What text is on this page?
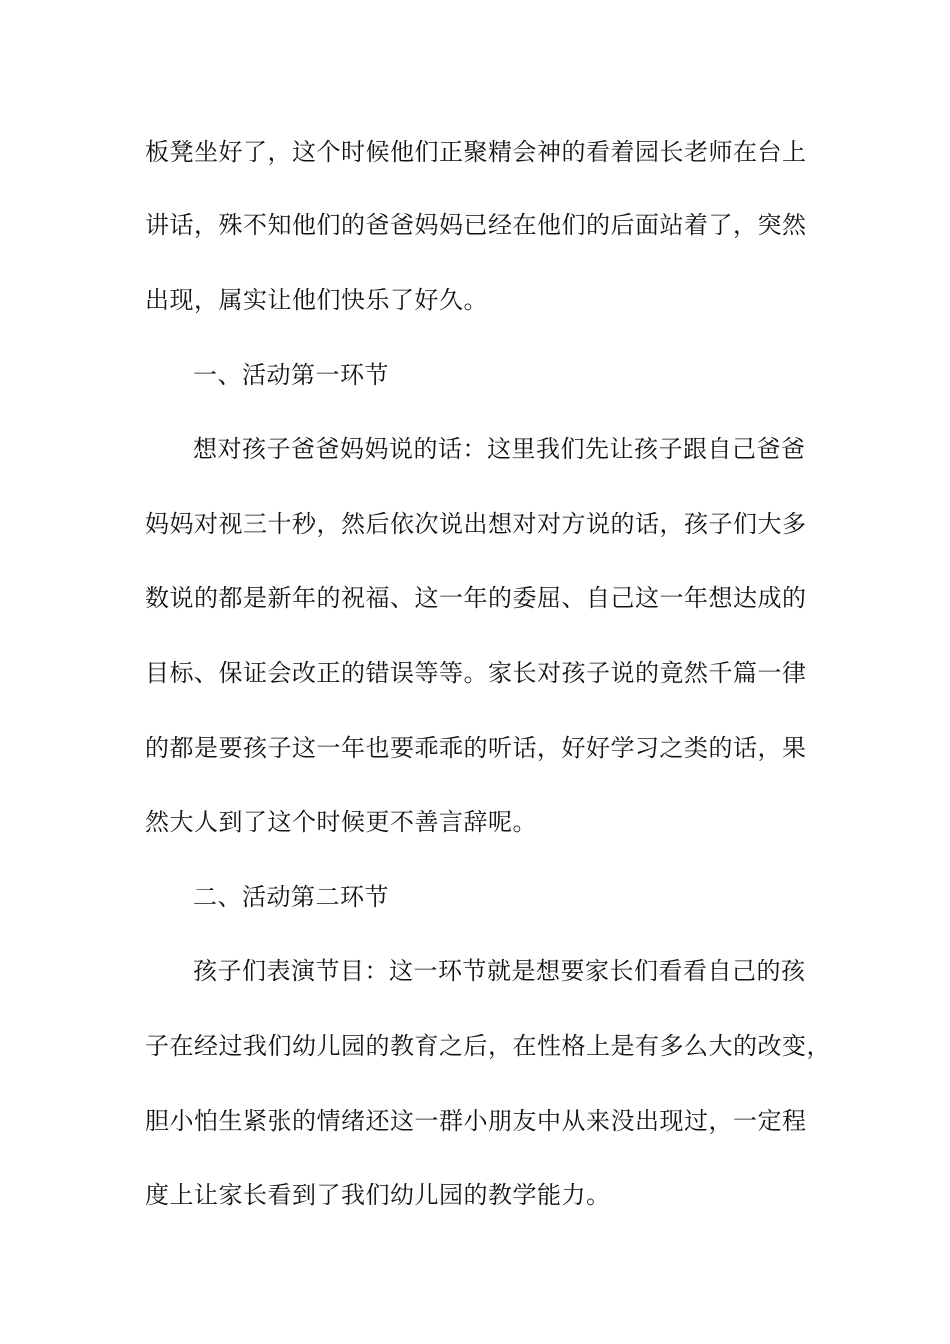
板凳坐好了，这个时候他们正聚精会神的看着园长老师在台上
讲话，殊不知他们的爸爸妈妈已经在他们的后面站着了，突然
出现，属实让他们快乐了好久。
一、活动第一环节
想对孩子爸爸妈妈说的话：这里我们先让孩子跟自己爸爸
妈妈对视三十秒，然后依次说出想对对方说的话，孩子们大多
数说的都是新年的祝福、这一年的委屈、自己这一年想达成的
目标、保证会改正的错误等等。家长对孩子说的竟然千篇一律
的都是要孩子这一年也要乖乖的听话，好好学习之类的话，果
然大人到了这个时候更不善言辞呢。
二、活动第二环节
孩子们表演节目：这一环节就是想要家长们看看自己的孩
子在经过我们幼儿园的教育之后，在性格上是有多么大的改变，
胆小怕生紧张的情绪还这一群小朋友中从来没出现过，一定程
度上让家长看到了我们幼儿园的教学能力。
